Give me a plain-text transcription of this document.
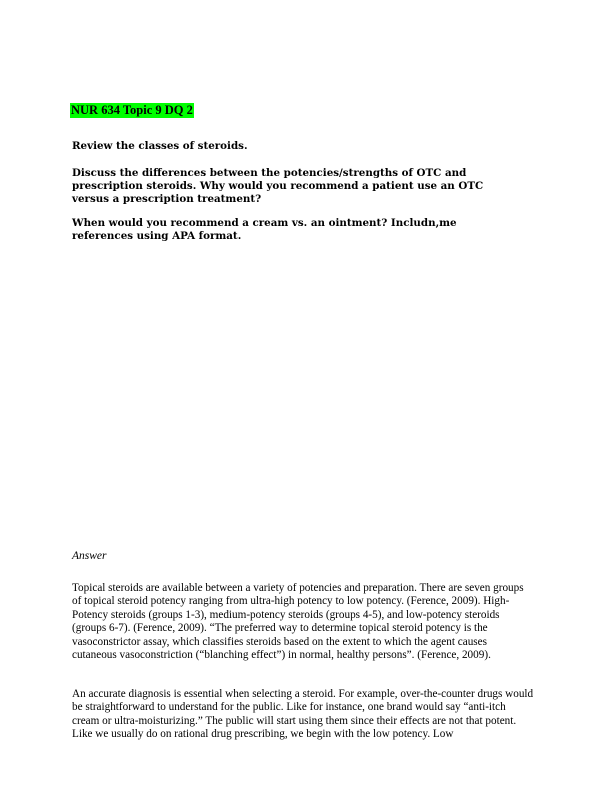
NUR 634 Topic 9 DQ 2
Review the classes of steroids.
Discuss the differences between the potencies/strengths of OTC and prescription steroids. Why would you recommend a patient use an OTC versus a prescription treatment?
When would you recommend a cream vs. an ointment? Includn,me references using APA format.
Answer
Topical steroids are available between a variety of potencies and preparation. There are seven groups of topical steroid potency ranging from ultra-high potency to low potency. (Ference, 2009). High-Potency steroids (groups 1-3), medium-potency steroids (groups 4-5), and low-potency steroids (groups 6-7). (Ference, 2009). “The preferred way to determine topical steroid potency is the vasoconstrictor assay, which classifies steroids based on the extent to which the agent causes cutaneous vasoconstriction (“blanching effect”) in normal, healthy persons”. (Ference, 2009).
An accurate diagnosis is essential when selecting a steroid. For example, over-the-counter drugs would be straightforward to understand for the public. Like for instance, one brand would say “anti-itch cream or ultra-moisturizing.” The public will start using them since their effects are not that potent. Like we usually do on rational drug prescribing, we begin with the low potency. Low
